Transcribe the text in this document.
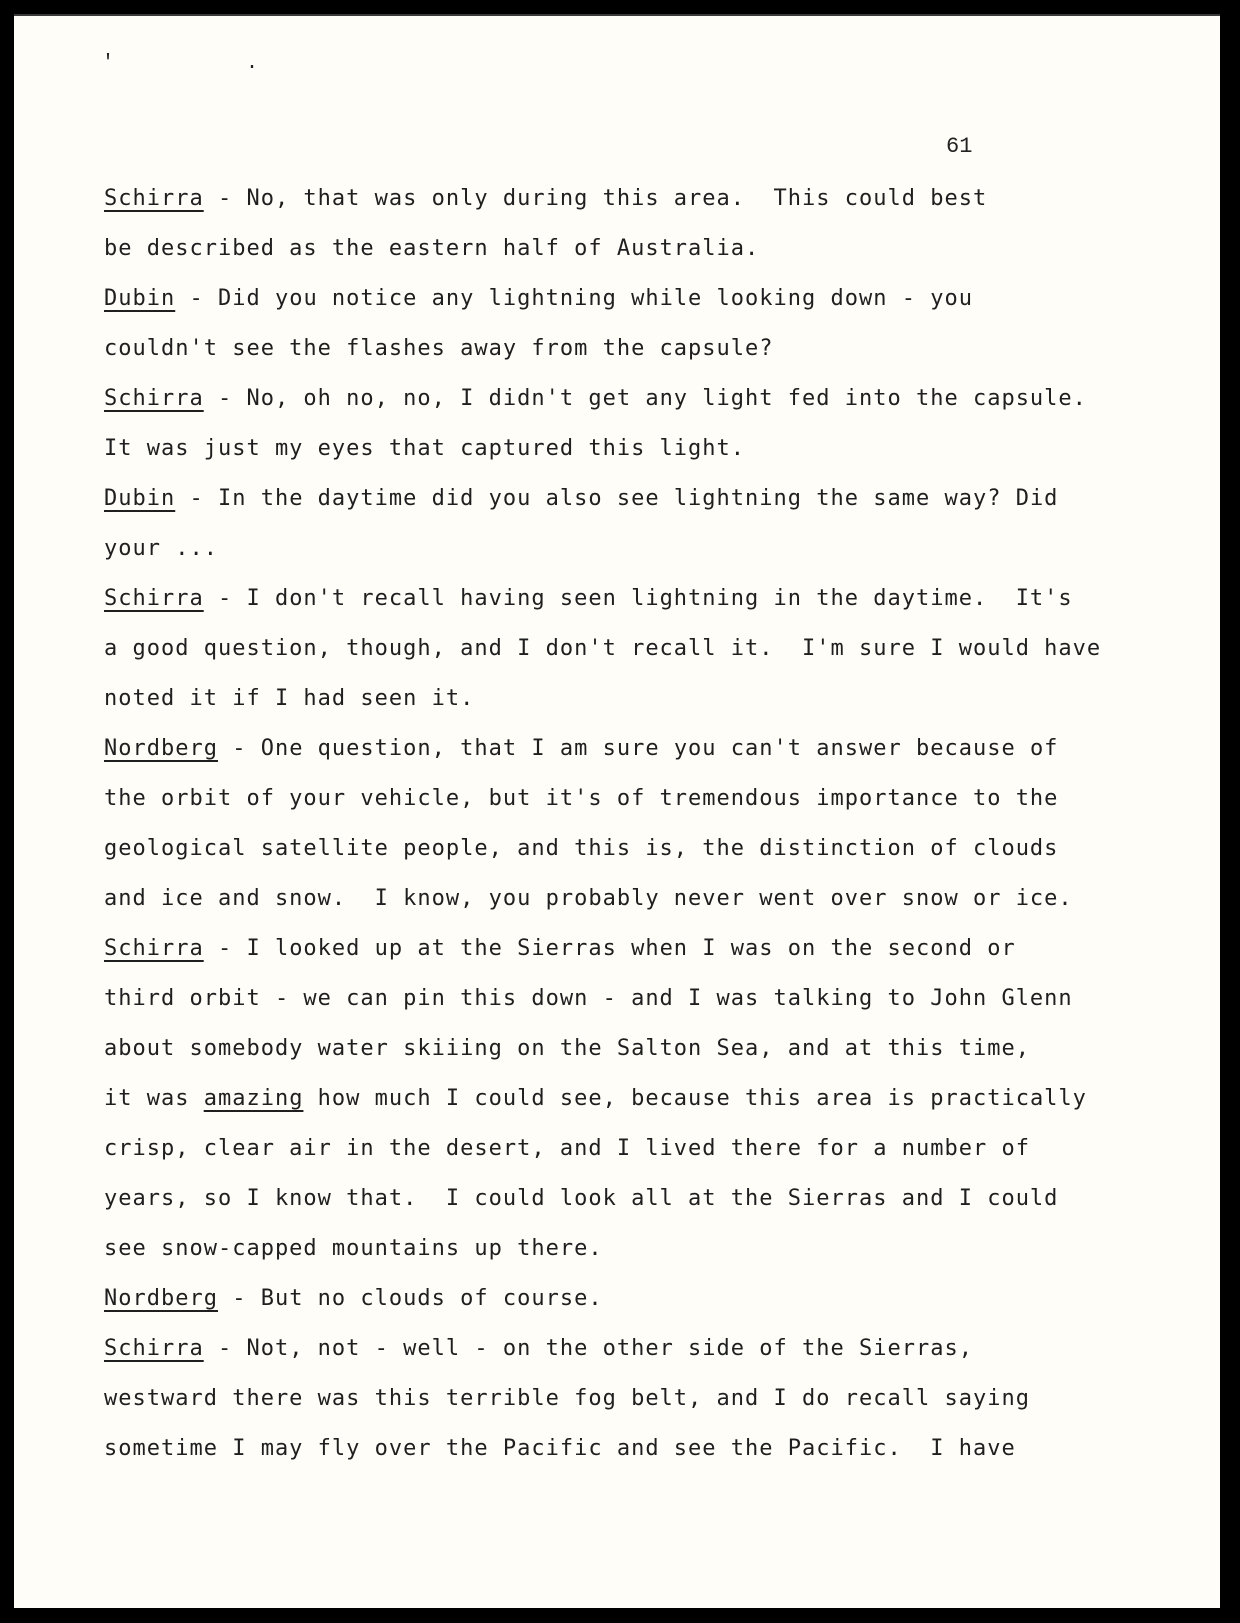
' .
61
Schirra - No, that was only during this area.  This could best
be described as the eastern half of Australia.
Dubin - Did you notice any lightning while looking down - you
couldn't see the flashes away from the capsule?
Schirra - No, oh no, no, I didn't get any light fed into the capsule.
It was just my eyes that captured this light.
Dubin - In the daytime did you also see lightning the same way? Did
your ...
Schirra - I don't recall having seen lightning in the daytime.  It's
a good question, though, and I don't recall it.  I'm sure I would have
noted it if I had seen it.
Nordberg - One question, that I am sure you can't answer because of
the orbit of your vehicle, but it's of tremendous importance to the
geological satellite people, and this is, the distinction of clouds
and ice and snow.  I know, you probably never went over snow or ice.
Schirra - I looked up at the Sierras when I was on the second or
third orbit - we can pin this down - and I was talking to John Glenn
about somebody water skiiing on the Salton Sea, and at this time,
it was amazing how much I could see, because this area is practically
crisp, clear air in the desert, and I lived there for a number of
years, so I know that.  I could look all at the Sierras and I could
see snow-capped mountains up there.
Nordberg - But no clouds of course.
Schirra - Not, not - well - on the other side of the Sierras,
westward there was this terrible fog belt, and I do recall saying
sometime I may fly over the Pacific and see the Pacific.  I have
